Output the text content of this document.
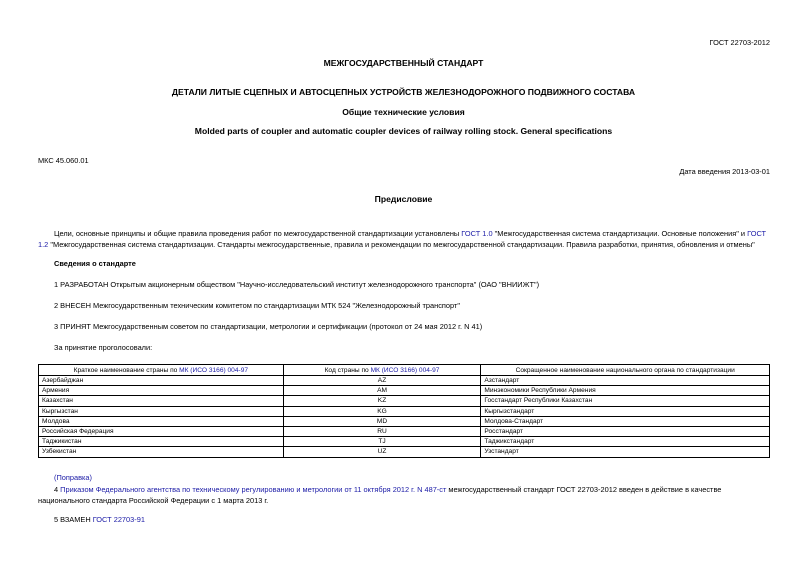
ГОСТ 22703-2012
МЕЖГОСУДАРСТВЕННЫЙ СТАНДАРТ
ДЕТАЛИ ЛИТЫЕ СЦЕПНЫХ И АВТОСЦЕПНЫХ УСТРОЙСТВ ЖЕЛЕЗНОДОРОЖНОГО ПОДВИЖНОГО СОСТАВА
Общие технические условия
Molded parts of coupler and automatic coupler devices of railway rolling stock. General specifications
МКС 45.060.01
Дата введения 2013-03-01
Предисловие
Цели, основные принципы и общие правила проведения работ по межгосударственной стандартизации установлены ГОСТ 1.0 "Межгосударственная система стандартизации. Основные положения" и ГОСТ 1.2 "Межгосударственная система стандартизации. Стандарты межгосударственные, правила и рекомендации по межгосударственной стандартизации. Правила разработки, принятия, обновления и отмены"
Сведения о стандарте
1 РАЗРАБОТАН Открытым акционерным обществом "Научно-исследовательский институт железнодорожного транспорта" (ОАО "ВНИИЖТ")
2 ВНЕСЕН Межгосударственным техническим комитетом по стандартизации МТК 524 "Железнодорожный транспорт"
3 ПРИНЯТ Межгосударственным советом по стандартизации, метрологии и сертификации (протокол от 24 мая 2012 г. N 41)
За принятие проголосовали:
Краткое наименование страны по МК (ИСО 3166) 004-97	Код страны по МК (ИСО 3166) 004-97	Сокращенное наименование национального органа по стандартизации
Азербайджан	AZ	Азстандарт
Армения	AM	Минэкономики Республики Армения
Казахстан	KZ	Госстандарт Республики Казахстан
Кыргызстан	KG	Кыргызстандарт
Молдова	MD	Молдова-Стандарт
Российская Федерация	RU	Росстандарт
Таджикистан	TJ	Таджикстандарт
Узбекистан	UZ	Узстандарт
(Поправка)
4 Приказом Федерального агентства по техническому регулированию и метрологии от 11 октября 2012 г. N 487-ст межгосударственный стандарт ГОСТ 22703-2012 введен в действие в качестве национального стандарта Российской Федерации с 1 марта 2013 г.
5 ВЗАМЕН ГОСТ 22703-91
